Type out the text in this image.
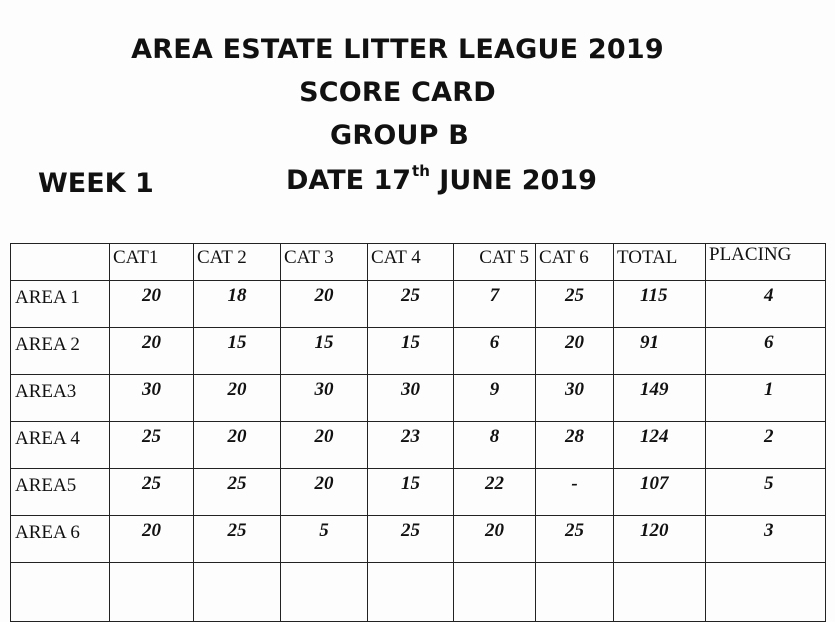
AREA ESTATE LITTER LEAGUE 2019
SCORE CARD
GROUP B
WEEK 1	DATE 17th JUNE 2019

	CAT1	CAT 2	CAT 3	CAT 4	CAT 5	CAT 6	TOTAL	PLACING

AREA 1	20	18	20	25	7	25	115	4
AREA 2	20	15	15	15	6	20	91	6
AREA3	30	20	30	30	9	30	149	1
AREA 4	25	20	20	23	8	28	124	2
AREA5	25	25	20	15	22	-	107	5
AREA 6	20	25	5	25	20	25	120	3
